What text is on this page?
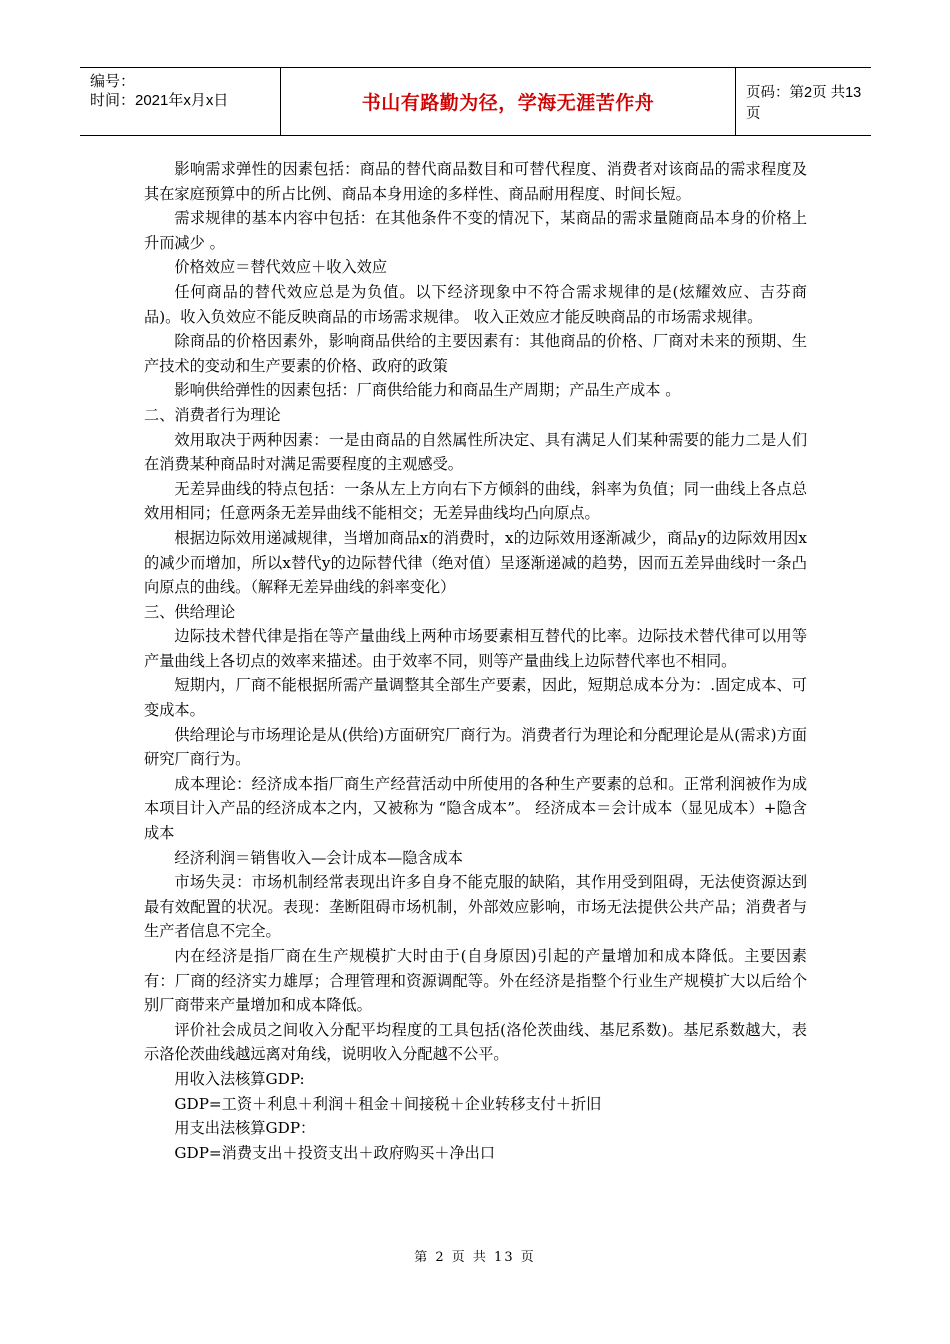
编号：
时间：2021年x月x日	书山有路勤为径，学海无涯苦作舟	页码：第2页 共13页

影响需求弹性的因素包括：商品的替代商品数目和可替代程度、消费者对该商品的需求程度及其在家庭预算中的所占比例、商品本身用途的多样性、商品耐用程度、时间长短。

需求规律的基本内容中包括：在其他条件不变的情况下，某商品的需求量随商品本身的价格上升而减少 。

价格效应＝替代效应＋收入效应

任何商品的替代效应总是为负值。以下经济现象中不符合需求规律的是(炫耀效应、吉芬商品)。收入负效应不能反映商品的市场需求规律。 收入正效应才能反映商品的市场需求规律。

除商品的价格因素外，影响商品供给的主要因素有：其他商品的价格、厂商对未来的预期、生产技术的变动和生产要素的价格、政府的政策

影响供给弹性的因素包括：厂商供给能力和商品生产周期；产品生产成本 。

二、消费者行为理论

效用取决于两种因素：一是由商品的自然属性所决定、具有满足人们某种需要的能力二是人们在消费某种商品时对满足需要程度的主观感受。

无差异曲线的特点包括：一条从左上方向右下方倾斜的曲线，斜率为负值；同一曲线上各点总效用相同；任意两条无差异曲线不能相交；无差异曲线均凸向原点。

根据边际效用递减规律，当增加商品x的消费时，x的边际效用逐渐减少，商品y的边际效用因x的减少而增加，所以x替代y的边际替代律（绝对值）呈逐渐递减的趋势，因而五差异曲线时一条凸向原点的曲线。（解释无差异曲线的斜率变化）

三、供给理论

边际技术替代律是指在等产量曲线上两种市场要素相互替代的比率。边际技术替代律可以用等产量曲线上各切点的效率来描述。由于效率不同，则等产量曲线上边际替代率也不相同。

短期内，厂商不能根据所需产量调整其全部生产要素，因此，短期总成本分为：.固定成本、可变成本。

供给理论与市场理论是从(供给)方面研究厂商行为。消费者行为理论和分配理论是从(需求)方面研究厂商行为。

成本理论：经济成本指厂商生产经营活动中所使用的各种生产要素的总和。正常利润被作为成本项目计入产品的经济成本之内，又被称为 “隐含成本”。 经济成本＝会计成本（显见成本）+隐含成本

经济利润＝销售收入—会计成本—隐含成本

市场失灵：市场机制经常表现出许多自身不能克服的缺陷，其作用受到阻碍，无法使资源达到最有效配置的状况。表现：垄断阻碍市场机制，外部效应影响，市场无法提供公共产品；消费者与生产者信息不完全。

内在经济是指厂商在生产规模扩大时由于(自身原因)引起的产量增加和成本降低。主要因素有：厂商的经济实力雄厚；合理管理和资源调配等。外在经济是指整个行业生产规模扩大以后给个别厂商带来产量增加和成本降低。

评价社会成员之间收入分配平均程度的工具包括(洛伦茨曲线、基尼系数)。基尼系数越大，表示洛伦茨曲线越远离对角线，说明收入分配越不公平。

用收入法核算GDP:

GDP=工资＋利息＋利润＋租金＋间接税＋企业转移支付＋折旧

用支出法核算GDP：

GDP=消费支出＋投资支出＋政府购买＋净出口

第 2 页 共 13 页
